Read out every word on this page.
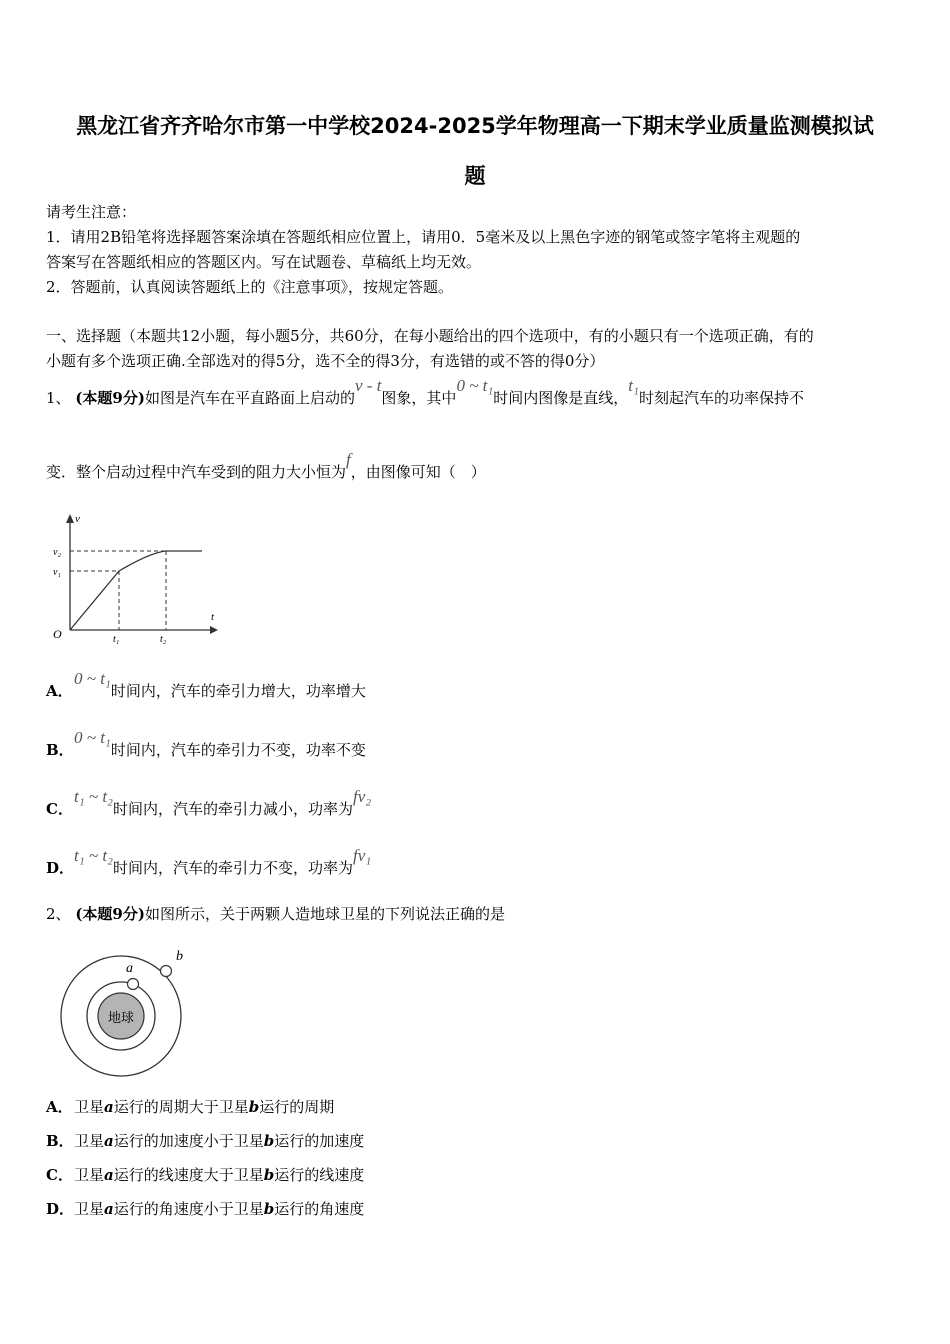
黑龙江省齐齐哈尔市第一中学校2024-2025学年物理高一下期末学业质量监测模拟试
题
请考生注意：
1．请用2B铅笔将选择题答案涂填在答题纸相应位置上，请用0．5毫米及以上黑色字迹的钢笔或签字笔将主观题的
答案写在答题纸相应的答题区内。写在试题卷、草稿纸上均无效。
2．答题前，认真阅读答题纸上的《注意事项》，按规定答题。
一、选择题（本题共12小题，每小题5分，共60分，在每小题给出的四个选项中，有的小题只有一个选项正确，有的
小题有多个选项正确.全部选对的得5分，选不全的得3分，有选错的或不答的得0分）
1、 (本题9分)如图是汽车在平直路面上启动的v - t图象，其中0 ~ t₁时间内图像是直线，t₁时刻起汽车的功率保持不
变．整个启动过程中汽车受到的阻力大小恒为f，由图像可知（　）
v
t
O
v₂
v₁
t₁	t₂
A．0 ~ t₁时间内，汽车的牵引力增大，功率增大
B．0 ~ t₁时间内，汽车的牵引力不变，功率不变
C．t₁ ~ t₂时间内，汽车的牵引力减小，功率为fv₂
D．t₁ ~ t₂时间内，汽车的牵引力不变，功率为fv₁
2、 (本题9分)如图所示，关于两颗人造地球卫星的下列说法正确的是
地球
a
b
A．卫星a运行的周期大于卫星b运行的周期
B．卫星a运行的加速度小于卫星b运行的加速度
C．卫星a运行的线速度大于卫星b运行的线速度
D．卫星a运行的角速度小于卫星b运行的角速度
